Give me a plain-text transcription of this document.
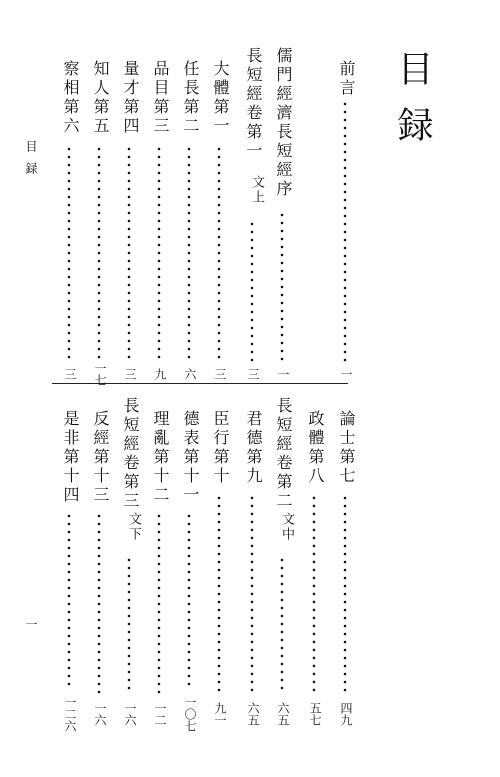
目録
前言
一
儒門經濟長短經序
一
長短經卷第一
文上
三
大體第一
三
任長第二
六
品目第三
九
量才第四
三
知人第五
一七
察相第六
三
論士第七
四九
政體第八
五七
長短經卷第二
文中
六五
君德第九
六五
臣行第十
九一
德表第十一
一〇七
理亂第十二
一二
長短經卷第三
文下
一六
反經第十三
一六
是非第十四
一二六
目録
一
